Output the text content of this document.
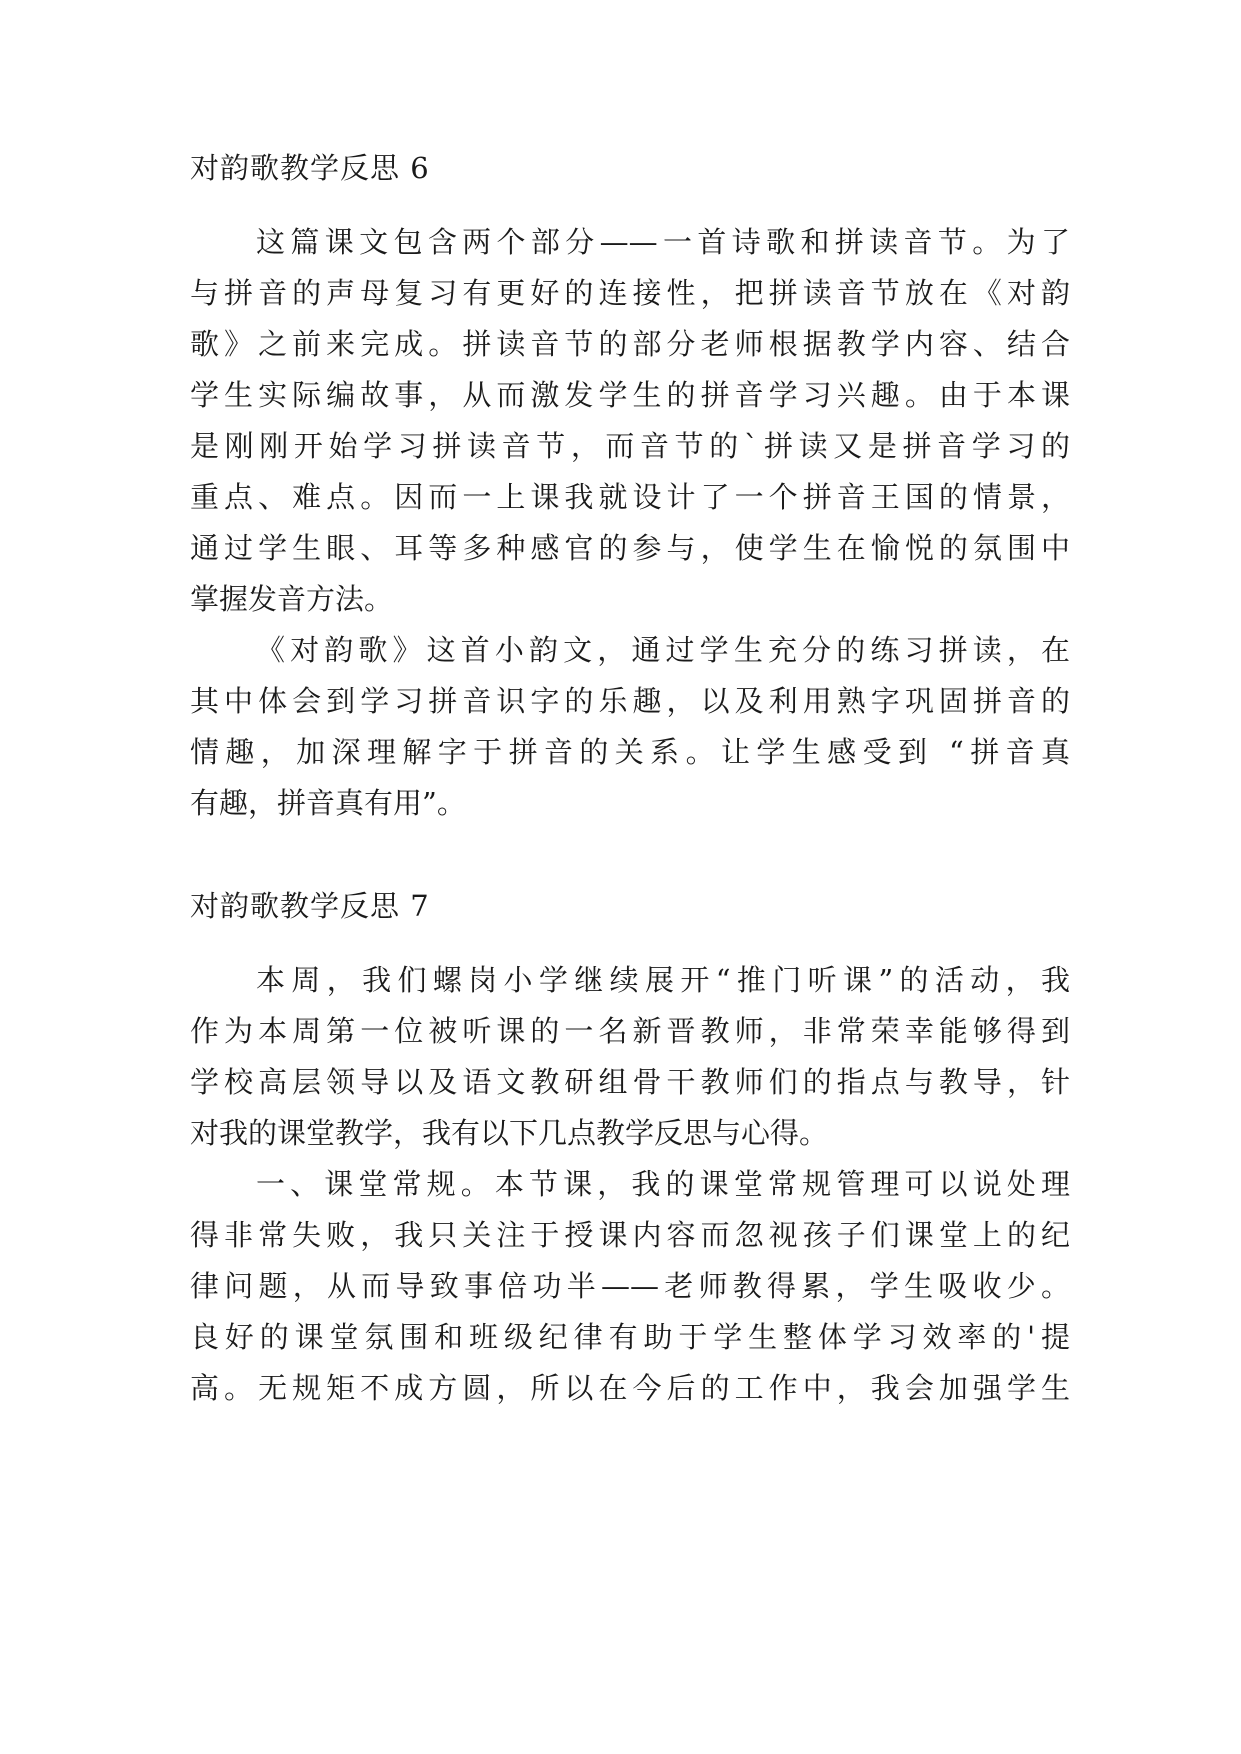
对韵歌教学反思 6
这篇课文包含两个部分——一首诗歌和拼读音节。为了
与拼音的声母复习有更好的连接性，把拼读音节放在《对韵
歌》之前来完成。拼读音节的部分老师根据教学内容、结合
学生实际编故事，从而激发学生的拼音学习兴趣。由于本课
是刚刚开始学习拼读音节，而音节的`拼读又是拼音学习的
重点、难点。因而一上课我就设计了一个拼音王国的情景，
通过学生眼、耳等多种感官的参与，使学生在愉悦的氛围中
掌握发音方法。
《对韵歌》这首小韵文，通过学生充分的练习拼读，在
其中体会到学习拼音识字的乐趣，以及利用熟字巩固拼音的
情趣，加深理解字于拼音的关系。让学生感受到 “拼音真
有趣，拼音真有用”。
对韵歌教学反思 7
本周，我们螺岗小学继续展开“推门听课”的活动，我
作为本周第一位被听课的一名新晋教师，非常荣幸能够得到
学校高层领导以及语文教研组骨干教师们的指点与教导，针
对我的课堂教学，我有以下几点教学反思与心得。
一、课堂常规。本节课，我的课堂常规管理可以说处理
得非常失败，我只关注于授课内容而忽视孩子们课堂上的纪
律问题，从而导致事倍功半——老师教得累，学生吸收少。
良好的课堂氛围和班级纪律有助于学生整体学习效率的'提
高。无规矩不成方圆，所以在今后的工作中，我会加强学生
